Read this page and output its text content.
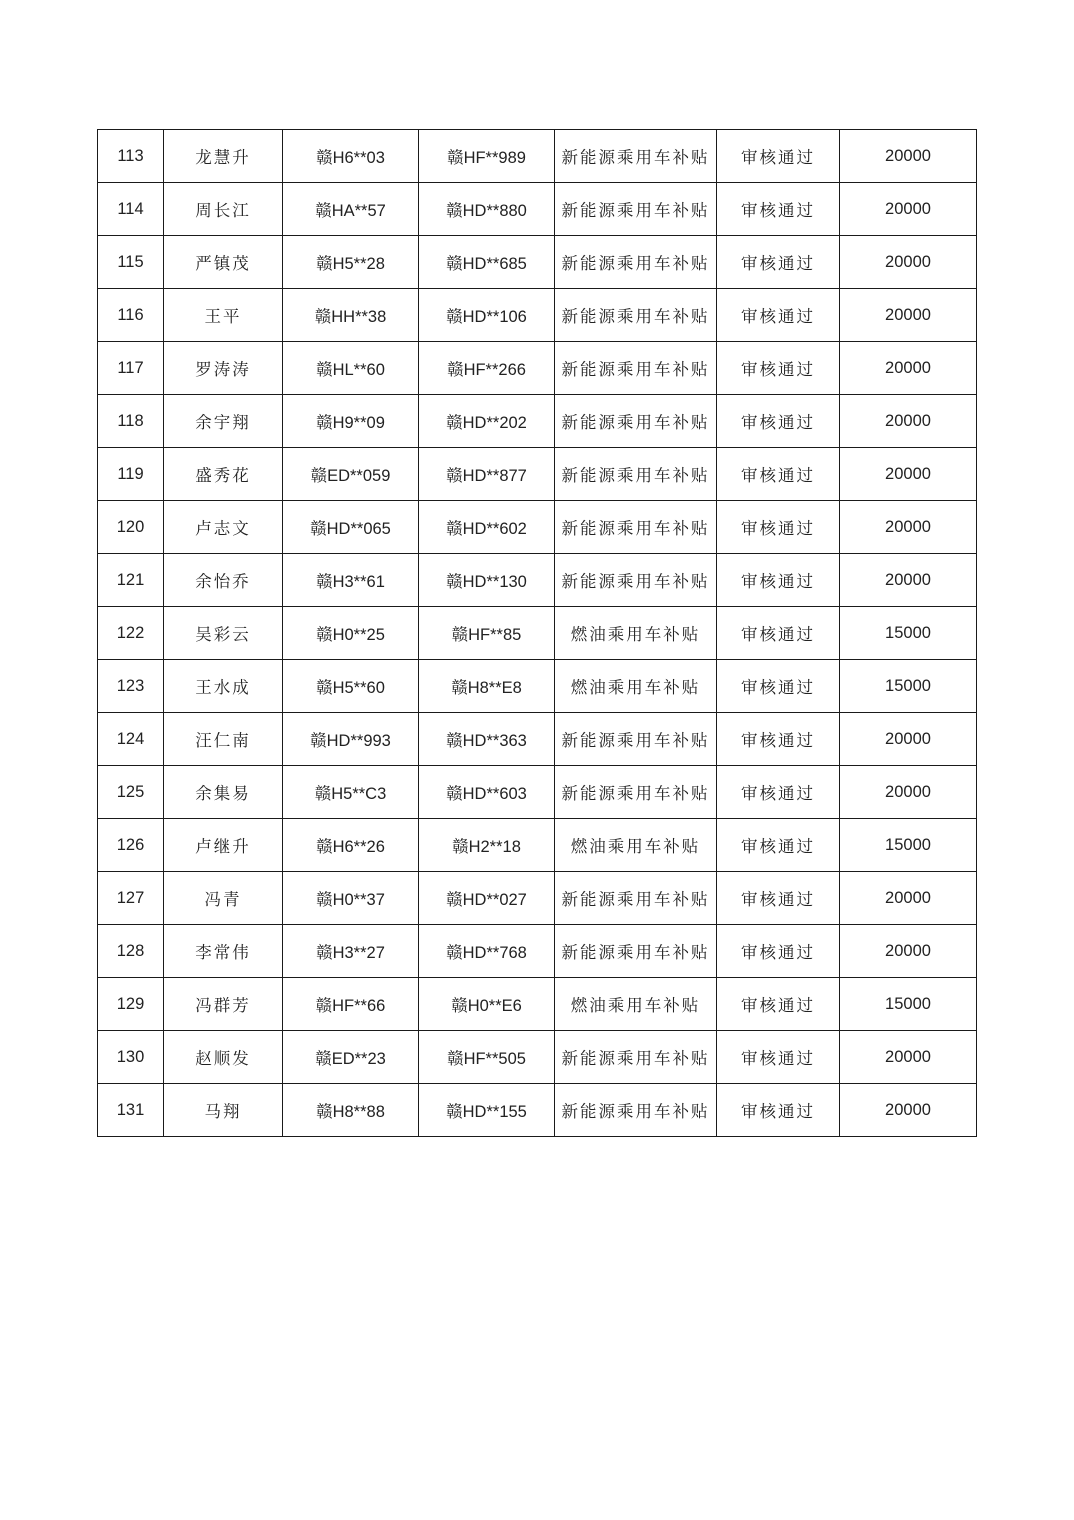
113	龙慧升	赣H6**03	赣HF**989	新能源乘用车补贴	审核通过	20000
114	周长江	赣HA**57	赣HD**880	新能源乘用车补贴	审核通过	20000
115	严镇茂	赣H5**28	赣HD**685	新能源乘用车补贴	审核通过	20000
116	王平	赣HH**38	赣HD**106	新能源乘用车补贴	审核通过	20000
117	罗涛涛	赣HL**60	赣HF**266	新能源乘用车补贴	审核通过	20000
118	余宇翔	赣H9**09	赣HD**202	新能源乘用车补贴	审核通过	20000
119	盛秀花	赣ED**059	赣HD**877	新能源乘用车补贴	审核通过	20000
120	卢志文	赣HD**065	赣HD**602	新能源乘用车补贴	审核通过	20000
121	余怡乔	赣H3**61	赣HD**130	新能源乘用车补贴	审核通过	20000
122	吴彩云	赣H0**25	赣HF**85	燃油乘用车补贴	审核通过	15000
123	王水成	赣H5**60	赣H8**E8	燃油乘用车补贴	审核通过	15000
124	汪仁南	赣HD**993	赣HD**363	新能源乘用车补贴	审核通过	20000
125	余集易	赣H5**C3	赣HD**603	新能源乘用车补贴	审核通过	20000
126	卢继升	赣H6**26	赣H2**18	燃油乘用车补贴	审核通过	15000
127	冯青	赣H0**37	赣HD**027	新能源乘用车补贴	审核通过	20000
128	李常伟	赣H3**27	赣HD**768	新能源乘用车补贴	审核通过	20000
129	冯群芳	赣HF**66	赣H0**E6	燃油乘用车补贴	审核通过	15000
130	赵顺发	赣ED**23	赣HF**505	新能源乘用车补贴	审核通过	20000
131	马翔	赣H8**88	赣HD**155	新能源乘用车补贴	审核通过	20000
